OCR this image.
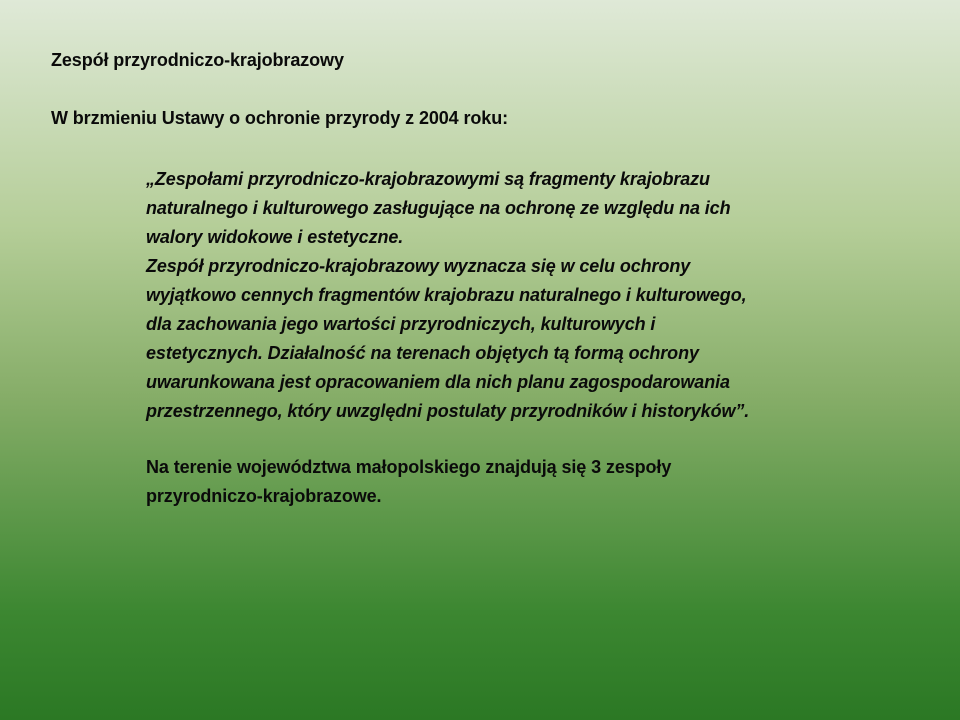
Zespół przyrodniczo-krajobrazowy
W brzmieniu Ustawy o ochronie przyrody z 2004 roku:
„Zespołami przyrodniczo-krajobrazowymi są fragmenty krajobrazu
naturalnego i kulturowego zasługujące na ochronę ze względu na ich
walory widokowe i estetyczne.
Zespół przyrodniczo-krajobrazowy wyznacza się w celu ochrony
wyjątkowo cennych fragmentów krajobrazu naturalnego i kulturowego,
dla zachowania jego wartości przyrodniczych, kulturowych i
estetycznych. Działalność na terenach objętych tą formą ochrony
uwarunkowana jest opracowaniem dla nich planu zagospodarowania
przestrzennego, który uwzględni postulaty przyrodników i historyków”.
Na terenie województwa małopolskiego znajdują się 3 zespoły
przyrodniczo-krajobrazowe.
